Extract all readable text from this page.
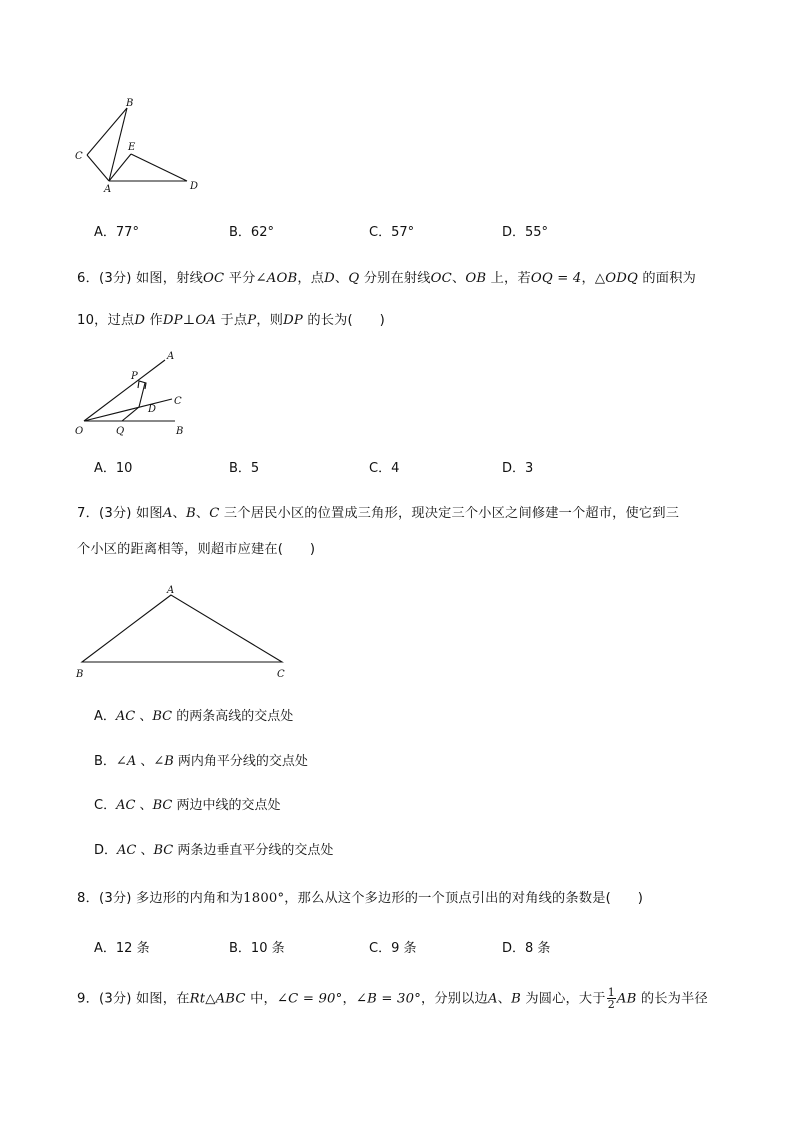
B
C
E
A	D
A．77°	B．62°	C．57°	D．55°
6．(3分) 如图，射线OC 平分∠AOB，点D、Q 分别在射线OC、OB 上，若OQ = 4，△ODQ 的面积为
10，过点D 作DP⊥OA 于点P，则DP 的长为(　　)
A
P
C
D
O	Q	B
A．10	B．5	C．4	D．3
7．(3分) 如图A、B、C 三个居民小区的位置成三角形，现决定三个小区之间修建一个超市，使它到三
个小区的距离相等，则超市应建在(　　)
A
B	C
A．AC 、BC 的两条高线的交点处
B．∠A 、∠B 两内角平分线的交点处
C．AC 、BC 两边中线的交点处
D．AC 、BC 两条边垂直平分线的交点处
8．(3分) 多边形的内角和为1800°，那么从这个多边形的一个顶点引出的对角线的条数是(　　)
A．12 条	B．10 条	C．9 条	D．8 条
9．(3分) 如图，在Rt△ABC 中，∠C = 90°，∠B = 30°，分别以边A、B 为圆心，大于 $\frac{1}{2}$ AB 的长为半径
